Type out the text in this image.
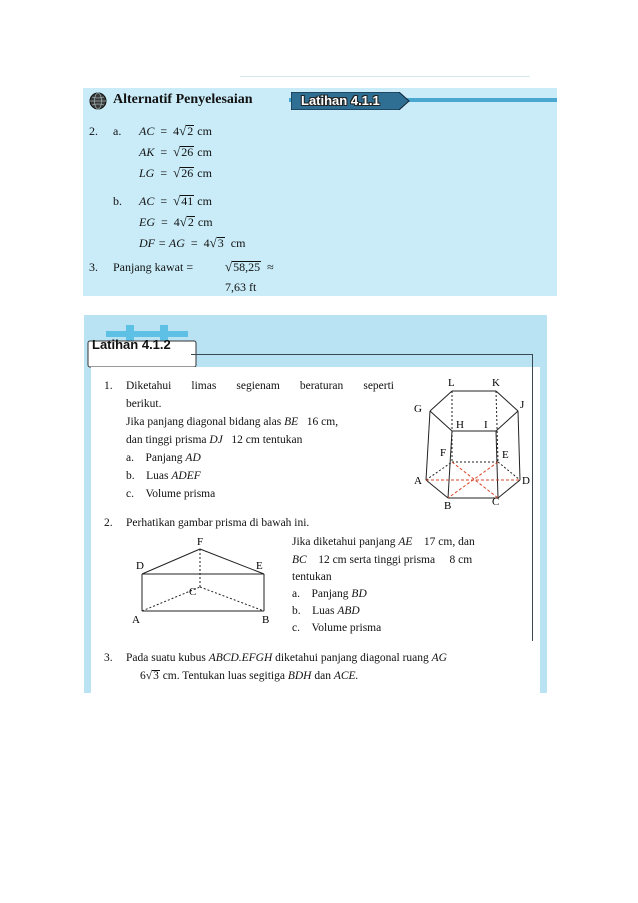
Alternatif Penyelesaian	Latihan 4.1.1
2. a. AC  =  4√2 cm
AK  =  √26 cm
LG  =  √26 cm
b. AC  =  √41 cm
EG  =  4√2 cm
DF = AG  =  4√3 cm
3. Panjang kawat = √58,25 ≈
7,63 ft
Latihan 4.1.2
1. Diketahui limas segienam beraturan seperti
berikut.
Jika panjang diagonal bidang alas BE 16 cm,
dan tinggi prisma DJ 12 cm tentukan
a. Panjang AD
b. Luas ADEF
c. Volume prisma
L	K
G	J
H I
F	E
A	D
B	C
2. Perhatikan gambar prisma di bawah ini.
Jika diketahui panjang AE 17 cm, dan
BC 12 cm serta tinggi prisma 8 cm
tentukan
a. Panjang BD
b. Luas ABD
c. Volume prisma
F
D	E
C
A	B
3. Pada suatu kubus ABCD.EFGH diketahui panjang diagonal ruang AG
6√3 cm. Tentukan luas segitiga BDH dan ACE.
